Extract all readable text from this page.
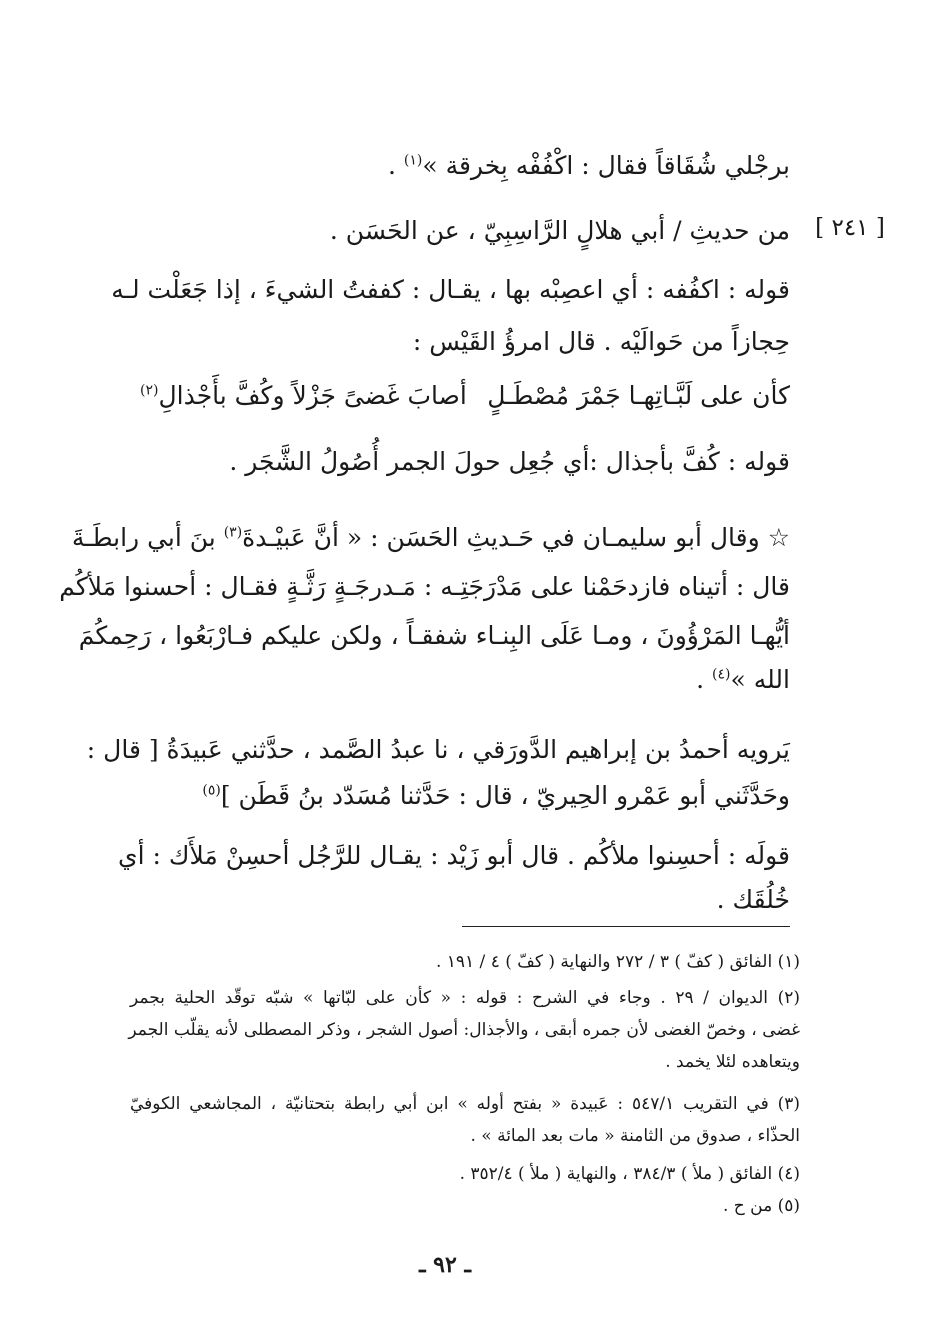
برجْلي شُقَاقاً فقال : اكْفُفْه بِخرقة »$^{(١)}$ .
من حديثِ / أبي هلالٍ الرَّاسِبِيّ ، عن الحَسَن . [ ٢٤١ ]
قوله : اكفُفه : أي اعصِبْه بها ، يقـال : كففتُ الشيءَ ، إذا جَعَلْت لـه
حِجازاً من حَوالَيْه . قال امرؤُ القَيْس :
كأن على لَبَّـاتِهـا جَمْرَ مُصْطَـلٍ
أصابَ غَضىً جَزْلاً وكُفَّ بأَجْذالِ$^{(٢)}$
قوله : كُفَّ بأجذال :أي جُعِل حولَ الجمر أُصُولُ الشَّجَر .
☆ وقال أبو سليمـان في حَـديثِ الحَسَن : « أنَّ عَبيْـدةَ$^{(٣)}$ بنَ أبي رابطَـةَ
قال : أتيناه فازدحَمْنا على مَدْرَجَتِـه : مَـدرجَـةٍ رَثَّـةٍ فقـال : أحسنوا مَلأكُم
أيُّهـا المَرْؤُونَ ، ومـا عَلَى البِنـاء شفقـاً ، ولكن عليكم فـارْبَعُوا ، رَحِمكُمَ
الله »$^{(٤)}$ .
يَرويه أحمدُ بن إبراهيم الدَّورَقي ، نا عبدُ الصَّمد ، حدَّثني عَبيدَةُ [ قال :
وحَدَّثَني أبو عَمْرو الحِيريّ ، قال : حَدَّثنا مُسَدّد بنُ قَطَن ]$^{(٥)}$
قولَه : أحسِنوا ملأكُم . قال أبو زَيْد : يقـال للرَّجُل أحسِنْ مَلأَك : أي
خُلُقَك .
(١) الفائق ( كفّ ) ٣ / ٢٧٢ والنهاية ( كفّ ) ٤ / ١٩١ .
(٢) الديوان / ٢٩ . وجاء في الشرح : قوله : « كأن على لبّاتها » شبّه توقّد الحلية بجمر
غضى ، وخصّ الغضى لأن جمره أبقى ، والأجذال: أصول الشجر ، وذكر المصطلى لأنه يقلّب الجمر
ويتعاهده لئلا يخمد .
(٣) في التقريب ٥٤٧/١ : عَبيدة « بفتح أوله » ابن أبي رابطة بتحتانيّة ، المجاشعي الكوفيّ
الحذّاء ، صدوق من الثامنة « مات بعد المائة » .
(٤) الفائق ( ملأ ) ٣٨٤/٣ ، والنهاية ( ملأ ) ٣٥٢/٤ .
(٥) من ح .
ـ ٩٢ ـ
